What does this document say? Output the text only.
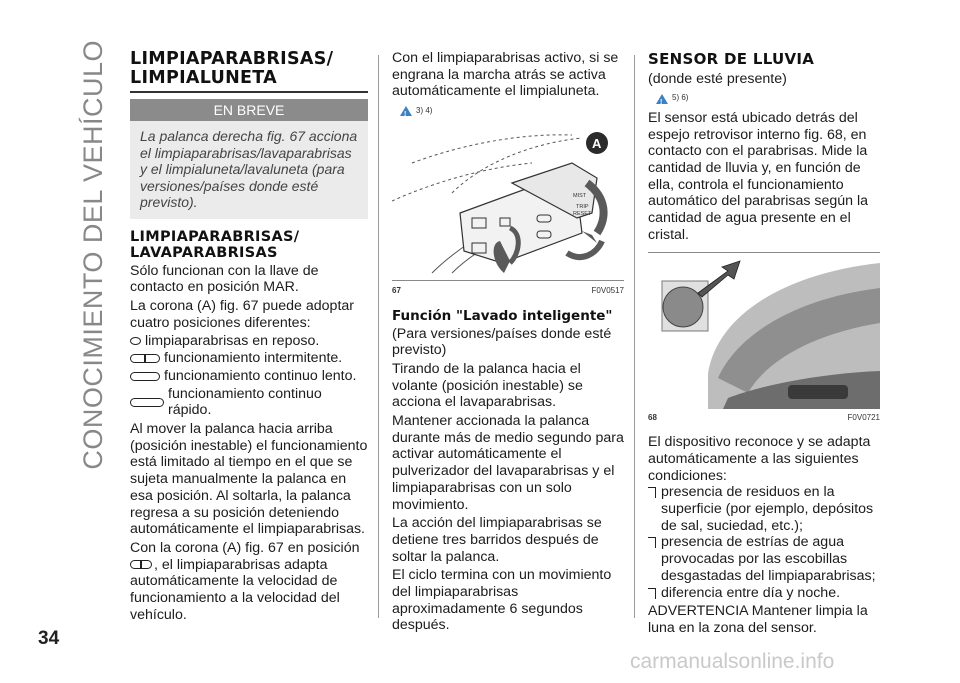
CONOCIMIENTO DEL VEHÍCULO LIMPIAPARABRISAS/
LIMPIALUNETA
EN BREVE
La palanca derecha fig. 67 acciona el limpiaparabrisas/lavaparabrisas y el limpialuneta/lavaluneta (para versiones/países donde esté previsto).
LIMPIAPARABRISAS/
LAVAPARABRISAS

Sólo funcionan con la llave de contacto en posición MAR.

La corona (A) fig. 67 puede adoptar cuatro posiciones diferentes:

limpiaparabrisas en reposo.
funcionamiento intermitente.
funcionamiento continuo lento.
funcionamiento continuo rápido.

Al mover la palanca hacia arriba (posición inestable) el funcionamiento está limitado al tiempo en el que se sujeta manualmente la palanca en esa posición. Al soltarla, la palanca regresa a su posición deteniendo automáticamente el limpiaparabrisas.

Con la corona (A) fig. 67 en posición , el limpiaparabrisas adapta automáticamente la velocidad de funcionamiento a la velocidad del vehículo.

Con el limpiaparabrisas activo, si se engrana la marcha atrás se activa automáticamente el limpialuneta.

!
3) 4)
MIST
TRIP
RESET
A
67	F0V0517
Función "Lavado inteligente"

(Para versiones/países donde esté previsto)

Tirando de la palanca hacia el volante (posición inestable) se acciona el lavaparabrisas.

Mantener accionada la palanca durante más de medio segundo para activar automáticamente el pulverizador del lavaparabrisas y el limpiaparabrisas con un solo movimiento.

La acción del limpiaparabrisas se detiene tres barridos después de soltar la palanca.

El ciclo termina con un movimiento del limpiaparabrisas aproximadamente 6 segundos después.

SENSOR DE LLUVIA

(donde esté presente)

!
5) 6)

El sensor está ubicado detrás del espejo retrovisor interno fig. 68, en contacto con el parabrisas. Mide la cantidad de lluvia y, en función de ella, controla el funcionamiento automático del parabrisas según la cantidad de agua presente en el cristal.

68	F0V0721

El dispositivo reconoce y se adapta automáticamente a las siguientes condiciones:

presencia de residuos en la superficie (por ejemplo, depósitos de sal, suciedad, etc.);
presencia de estrías de agua provocadas por las escobillas desgastadas del limpiaparabrisas;
diferencia entre día y noche.

ADVERTENCIA Mantener limpia la luna en la zona del sensor.

34
carmanualsonline.info
